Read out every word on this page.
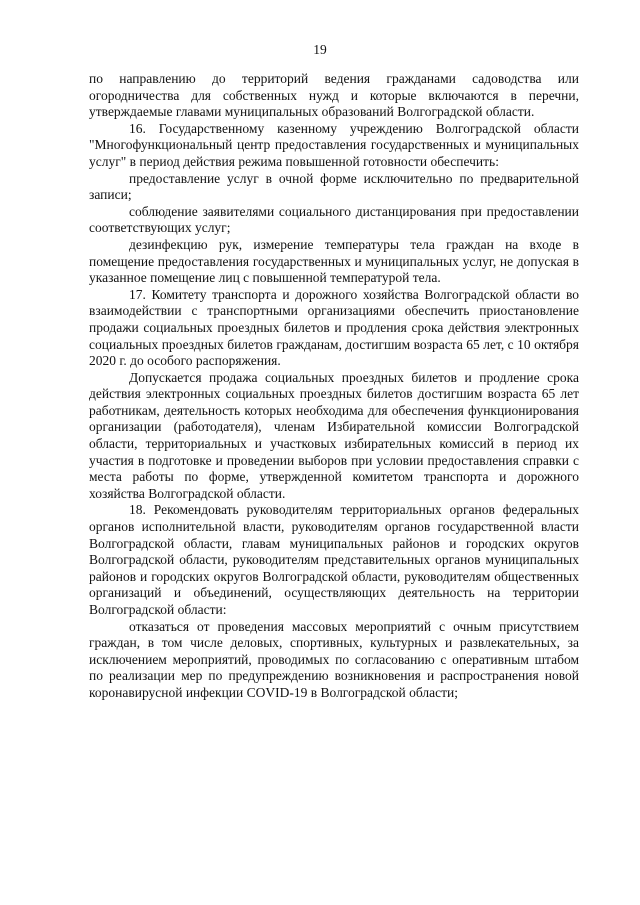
19

по направлению до территорий ведения гражданами садоводства или огородничества для собственных нужд и которые включаются в перечни, утверждаемые главами муниципальных образований Волгоградской области.

16. Государственному казенному учреждению Волгоградской области "Многофункциональный центр предоставления государственных и муниципальных услуг" в период действия режима повышенной готовности обеспечить:

предоставление услуг в очной форме исключительно по предварительной записи;

соблюдение заявителями социального дистанцирования при предоставлении соответствующих услуг;

дезинфекцию рук, измерение температуры тела граждан на входе в помещение предоставления государственных и муниципальных услуг, не допуская в указанное помещение лиц с повышенной температурой тела.

17. Комитету транспорта и дорожного хозяйства Волгоградской области во взаимодействии с транспортными организациями обеспечить приостановление продажи социальных проездных билетов и продления срока действия электронных социальных проездных билетов гражданам, достигшим возраста 65 лет, с 10 октября 2020 г. до особого распоряжения.

Допускается продажа социальных проездных билетов и продление срока действия электронных социальных проездных билетов достигшим возраста 65 лет работникам, деятельность которых необходима для обеспечения функционирования организации (работодателя), членам Избирательной комиссии Волгоградской области, территориальных и участковых избирательных комиссий в период их участия в подготовке и проведении выборов при условии предоставления справки с места работы по форме, утвержденной комитетом транспорта и дорожного хозяйства Волгоградской области.

18. Рекомендовать руководителям территориальных органов федеральных органов исполнительной власти, руководителям органов государственной власти Волгоградской области, главам муниципальных районов и городских округов Волгоградской области, руководителям представительных органов муниципальных районов и городских округов Волгоградской области, руководителям общественных организаций и объединений, осуществляющих деятельность на территории Волгоградской области:

отказаться от проведения массовых мероприятий с очным присутствием граждан, в том числе деловых, спортивных, культурных и развлекательных, за исключением мероприятий, проводимых по согласованию с оперативным штабом по реализации мер по предупреждению возникновения и распространения новой коронавирусной инфекции COVID-19 в Волгоградской области;
